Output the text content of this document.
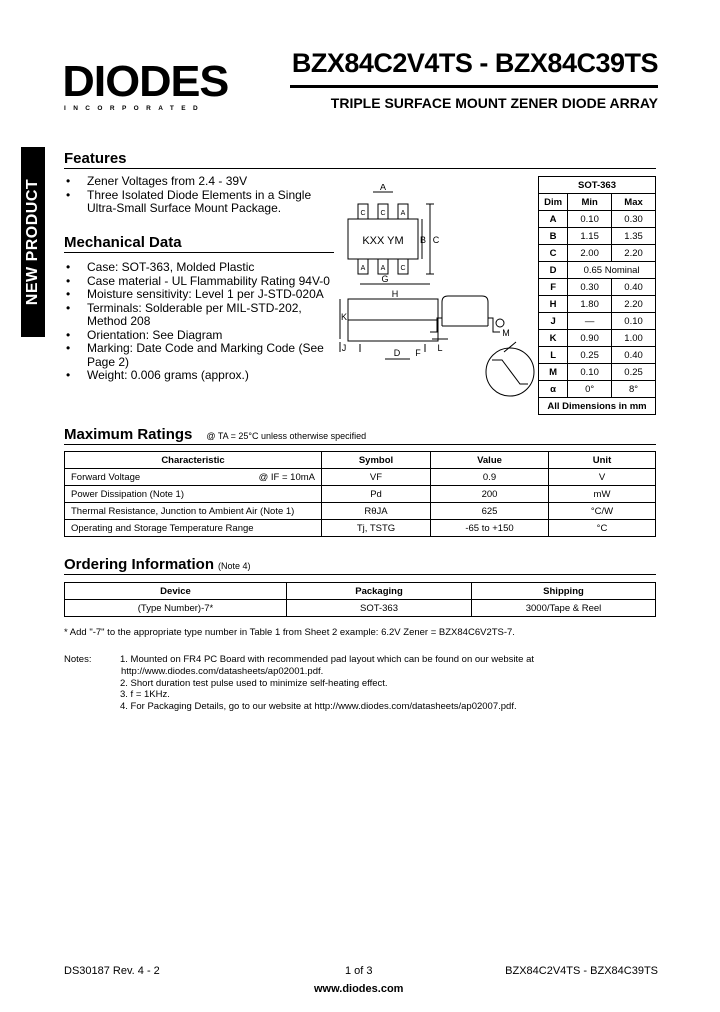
NEW PRODUCT
DIODES
INCORPORATED
BZX84C2V4TS - BZX84C39TS
TRIPLE SURFACE MOUNT ZENER DIODE ARRAY
Features
• Zener Voltages from 2.4 - 39V
• Three Isolated Diode Elements in a Single Ultra-Small Surface Mount Package.
Mechanical Data
• Case: SOT-363, Molded Plastic
• Case material - UL Flammability Rating 94V-0
• Moisture sensitivity: Level 1 per J-STD-020A
• Terminals: Solderable per MIL-STD-202, Method 208
• Orientation: See Diagram
• Marking: Date Code and Marking Code (See Page 2)
• Weight: 0.006 grams (approx.)
A
C C A
KXX YM
A A C
B C
G
H
K
J	D F L
M
SOT-363		
Dim	Min	Max
A	0.10	0.30
B	1.15	1.35
C	2.00	2.20
D	0.65 Nominal	
F	0.30	0.40
H	1.80	2.20
J	—	0.10
K	0.90	1.00
L	0.25	0.40
M	0.10	0.25
α	0°	8°
All Dimensions in mm		
Maximum Ratings @ TA = 25°C unless otherwise specified
Characteristic	Symbol	Value	Unit
Forward Voltage @ IF = 10mA	VF	0.9	V
Power Dissipation (Note 1)	Pd	200	mW
Thermal Resistance, Junction to Ambient Air (Note 1)	RθJA	625	°C/W
Operating and Storage Temperature Range	Tj, TSTG	-65 to +150	°C
Ordering Information (Note 4)
Device	Packaging	Shipping
(Type Number)-7*	SOT-363	3000/Tape & Reel
* Add "-7" to the appropriate type number in Table 1 from Sheet 2 example: 6.2V Zener = BZX84C6V2TS-7.
Notes:	1. Mounted on FR4 PC Board with recommended pad layout which can be found on our website at
http://www.diodes.com/datasheets/ap02001.pdf.
2. Short duration test pulse used to minimize self-heating effect.
3. f = 1KHz.
4. For Packaging Details, go to our website at http://www.diodes.com/datasheets/ap02007.pdf.
DS30187 Rev. 4 - 2	1 of 3	BZX84C2V4TS - BZX84C39TS
www.diodes.com
